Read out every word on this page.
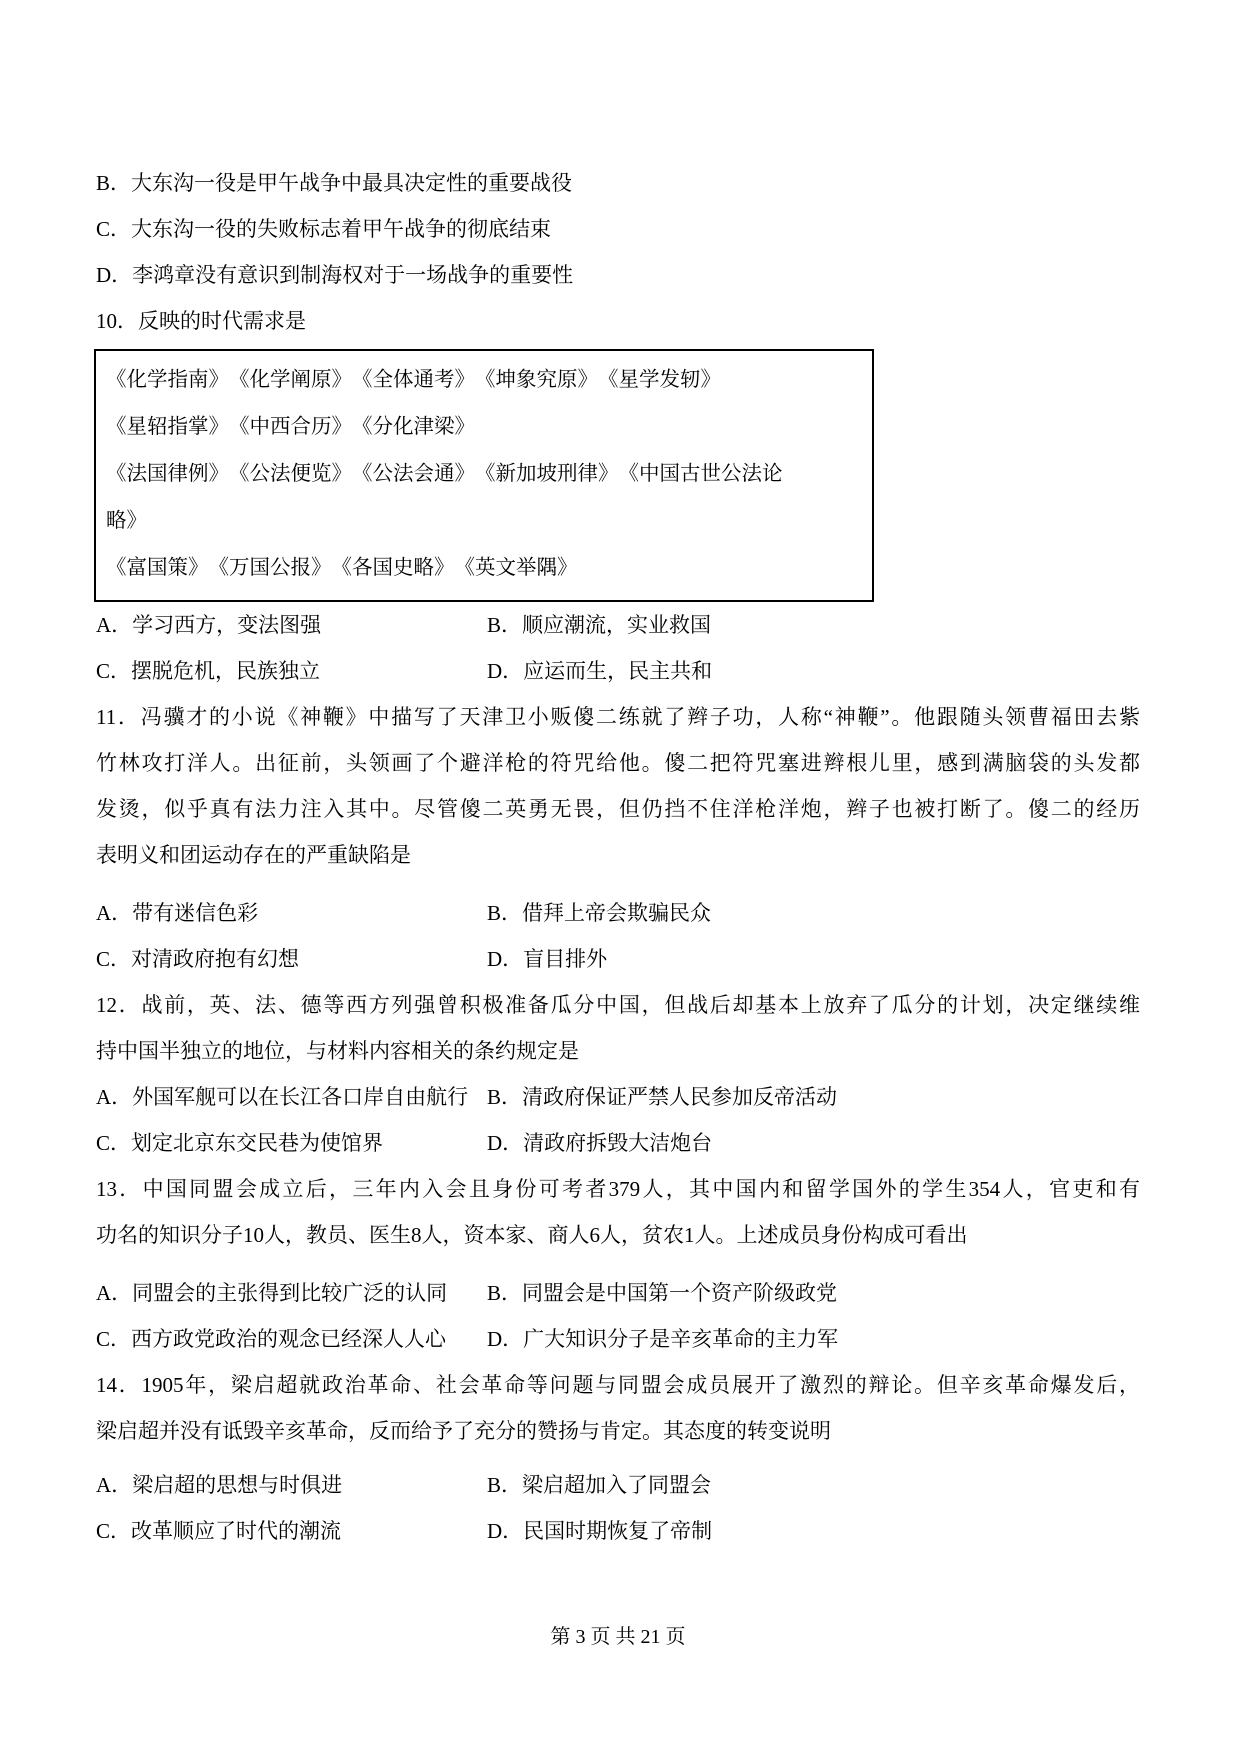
B．大东沟一役是甲午战争中最具决定性的重要战役
C．大东沟一役的失败标志着甲午战争的彻底结束
D．李鸿章没有意识到制海权对于一场战争的重要性
10．反映的时代需求是
《化学指南》　《化学阐原》　《全体通考》　《坤象究原》　《星学发轫》
《星轺指掌》　《中西合历》　《分化津梁》
《法国律例》　《公法便览》　《公法会通》　《新加坡刑律》　《中国古世公法论
略》
《富国策》　《万国公报》　《各国史略》　《英文举隅》
A．学习西方，变法图强	B．顺应潮流，实业救国
C．摆脱危机，民族独立	D．应运而生，民主共和
11．冯骥才的小说《神鞭》中描写了天津卫小贩傻二练就了辫子功，人称“神鞭”。他跟随头领曹福田去紫
竹林攻打洋人。出征前，头领画了个避洋枪的符咒给他。傻二把符咒塞进辫根儿里，感到满脑袋的头发都
发烫，似乎真有法力注入其中。尽管傻二英勇无畏，但仍挡不住洋枪洋炮，辫子也被打断了。傻二的经历
表明义和团运动存在的严重缺陷是
A．带有迷信色彩	B．借拜上帝会欺骗民众
C．对清政府抱有幻想	D．盲目排外
12．战前，英、法、德等西方列强曾积极准备瓜分中国，但战后却基本上放弃了瓜分的计划，决定继续维
持中国半独立的地位，与材料内容相关的条约规定是
A．外国军舰可以在长江各口岸自由航行 B．清政府保证严禁人民参加反帝活动
C．划定北京东交民巷为使馆界	D．清政府拆毁大洁炮台
13．中国同盟会成立后，三年内入会且身份可考者379人，其中国内和留学国外的学生354人，官吏和有
功名的知识分子10人，教员、医生8人，资本家、商人6人，贫农1人。上述成员身份构成可看出
A．同盟会的主张得到比较广泛的认同 B．同盟会是中国第一个资产阶级政党
C．西方政党政治的观念已经深人人心 D．广大知识分子是辛亥革命的主力军
14．1905年，梁启超就政治革命、社会革命等问题与同盟会成员展开了激烈的辩论。但辛亥革命爆发后，
梁启超并没有诋毁辛亥革命，反而给予了充分的赞扬与肯定。其态度的转变说明
A．梁启超的思想与时俱进	B．梁启超加入了同盟会
C．改革顺应了时代的潮流	D．民国时期恢复了帝制
第 3 页 共 21 页
